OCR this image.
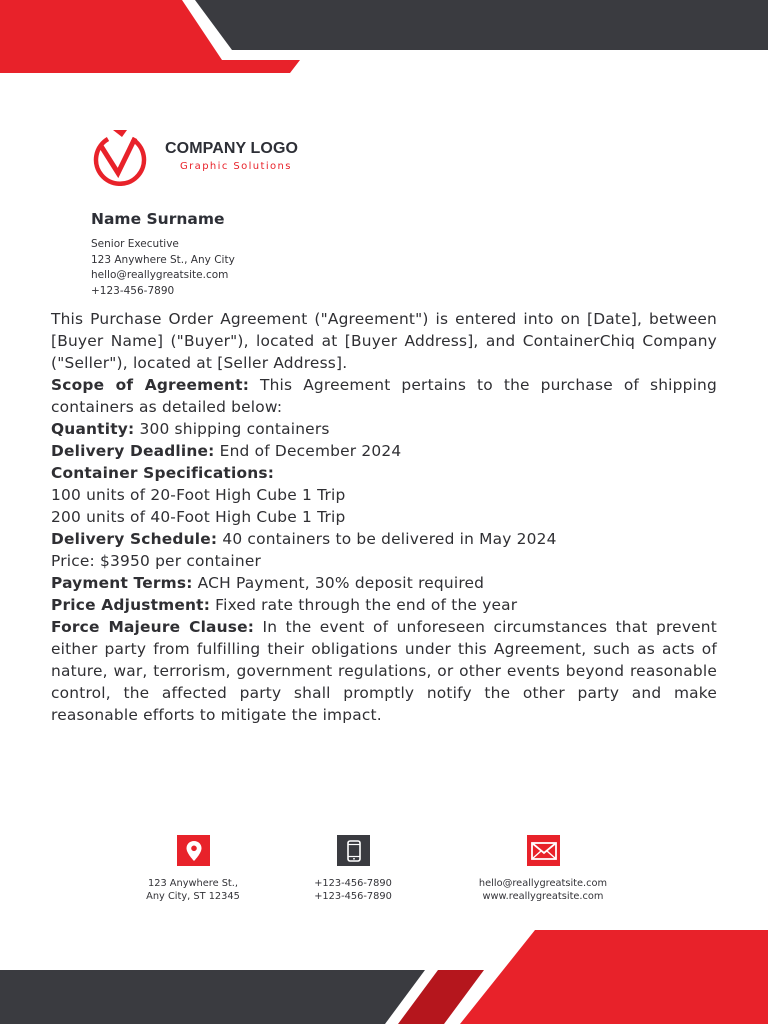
COMPANY LOGO
Graphic Solutions
Name Surname
Senior Executive
123 Anywhere St., Any City
hello@reallygreatsite.com
+123-456-7890

This Purchase Order Agreement ("Agreement") is entered into on [Date], between [Buyer Name] ("Buyer"), located at [Buyer Address], and ContainerChiq Company ("Seller"), located at [Seller Address].

Scope of Agreement: This Agreement pertains to the purchase of shipping containers as detailed below:

Quantity: 300 shipping containers

Delivery Deadline: End of December 2024

Container Specifications:

100 units of 20-Foot High Cube 1 Trip

200 units of 40-Foot High Cube 1 Trip

Delivery Schedule: 40 containers to be delivered in May 2024

Price: $3950 per container

Payment Terms: ACH Payment, 30% deposit required

Price Adjustment: Fixed rate through the end of the year

Force Majeure Clause: In the event of unforeseen circumstances that prevent either party from fulfilling their obligations under this Agreement, such as acts of nature, war, terrorism, government regulations, or other events beyond reasonable control, the affected party shall promptly notify the other party and make reasonable efforts to mitigate the impact.

123 Anywhere St.,
Any City, ST 12345
+123-456-7890
+123-456-7890
hello@reallygreatsite.com
www.reallygreatsite.com
